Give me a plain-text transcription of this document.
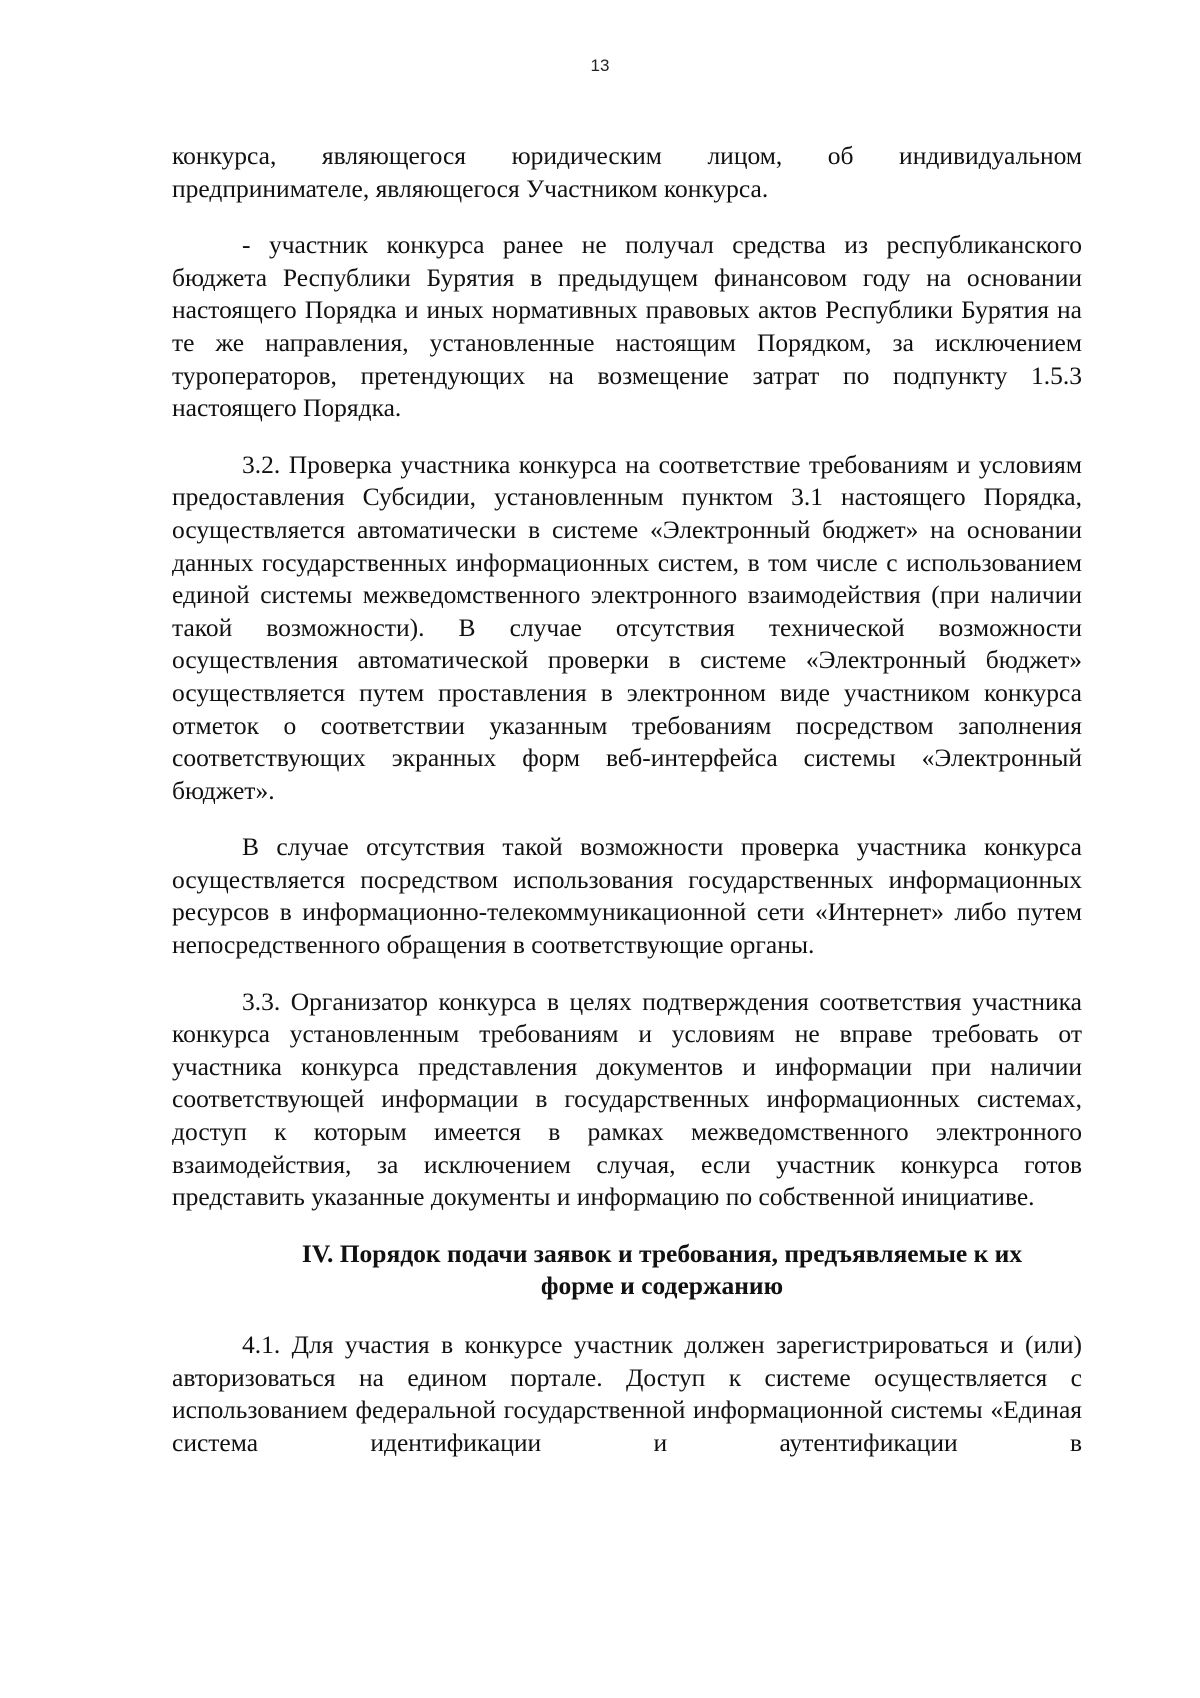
13

конкурса, являющегося юридическим лицом, об индивидуальном предпринимателе, являющегося Участником конкурса.

- участник конкурса ранее не получал средства из республиканского бюджета Республики Бурятия в предыдущем финансовом году на основании настоящего Порядка и иных нормативных правовых актов Республики Бурятия на те же направления, установленные настоящим Порядком, за исключением туроператоров, претендующих на возмещение затрат по подпункту 1.5.3 настоящего Порядка.

3.2. Проверка участника конкурса на соответствие требованиям и условиям предоставления Субсидии, установленным пунктом 3.1 настоящего Порядка, осуществляется автоматически в системе «Электронный бюджет» на основании данных государственных информационных систем, в том числе с использованием единой системы межведомственного электронного взаимодействия (при наличии такой возможности). В случае отсутствия технической возможности осуществления автоматической проверки в системе «Электронный бюджет» осуществляется путем проставления в электронном виде участником конкурса отметок о соответствии указанным требованиям посредством заполнения соответствующих экранных форм веб-интерфейса системы «Электронный бюджет».

В случае отсутствия такой возможности проверка участника конкурса осуществляется посредством использования государственных информационных ресурсов в информационно-телекоммуникационной сети «Интернет» либо путем непосредственного обращения в соответствующие органы.

3.3. Организатор конкурса в целях подтверждения соответствия участника конкурса установленным требованиям и условиям не вправе требовать от участника конкурса представления документов и информации при наличии соответствующей информации в государственных информационных системах, доступ к которым имеется в рамках межведомственного электронного взаимодействия, за исключением случая, если участник конкурса готов представить указанные документы и информацию по собственной инициативе.

IV. Порядок подачи заявок и требования, предъявляемые к их
форме и содержанию

4.1. Для участия в конкурсе участник должен зарегистрироваться и (или) авторизоваться на едином портале. Доступ к системе осуществляется с использованием федеральной государственной информационной системы «Единая система идентификации и аутентификации в
